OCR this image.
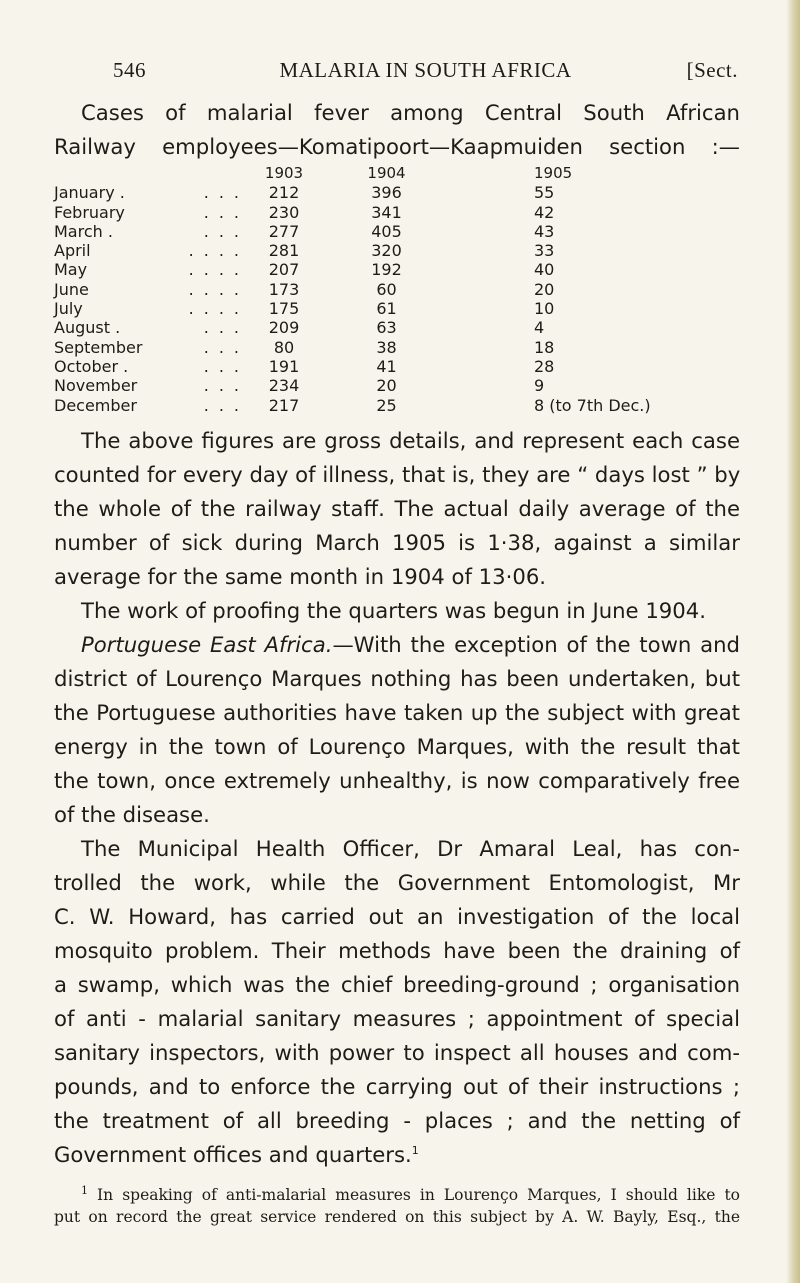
546	MALARIA IN SOUTH AFRICA	[Sect.
Cases of malarial fever among Central South African
Railway employees—Komatipoort—Kaapmuiden section :—
		1903	1904	1905
January .	...	212	396	55
February	...	230	341	42
March .	...	277	405	43
April	....	281	320	33
May	....	207	192	40
June	....	173	60	20
July	....	175	61	10
August .	...	209	63	4
September	...	80	38	18
October .	...	191	41	28
November	...	234	20	9
December	...	217	25	8 (to 7th Dec.)
The above figures are gross details, and represent each case
counted for every day of illness, that is, they are “ days lost ” by
the whole of the railway staff. The actual daily average of the
number of sick during March 1905 is 1·38, against a similar
average for the same month in 1904 of 13·06.
The work of proofing the quarters was begun in June 1904.
Portuguese East Africa.—With the exception of the town and
district of Lourenço Marques nothing has been undertaken, but
the Portuguese authorities have taken up the subject with great
energy in the town of Lourenço Marques, with the result that
the town, once extremely unhealthy, is now comparatively free
of the disease.
The Municipal Health Officer, Dr Amaral Leal, has con-
trolled the work, while the Government Entomologist, Mr
C. W. Howard, has carried out an investigation of the local
mosquito problem. Their methods have been the draining of
a swamp, which was the chief breeding-ground ; organisation
of anti - malarial sanitary measures ; appointment of special
sanitary inspectors, with power to inspect all houses and com-
pounds, and to enforce the carrying out of their instructions ;
the treatment of all breeding - places ; and the netting of
Government offices and quarters.$^1$
$^1$ In speaking of anti-malarial measures in Lourenço Marques, I should like to
put on record the great service rendered on this subject by A. W. Bayly, Esq., the
